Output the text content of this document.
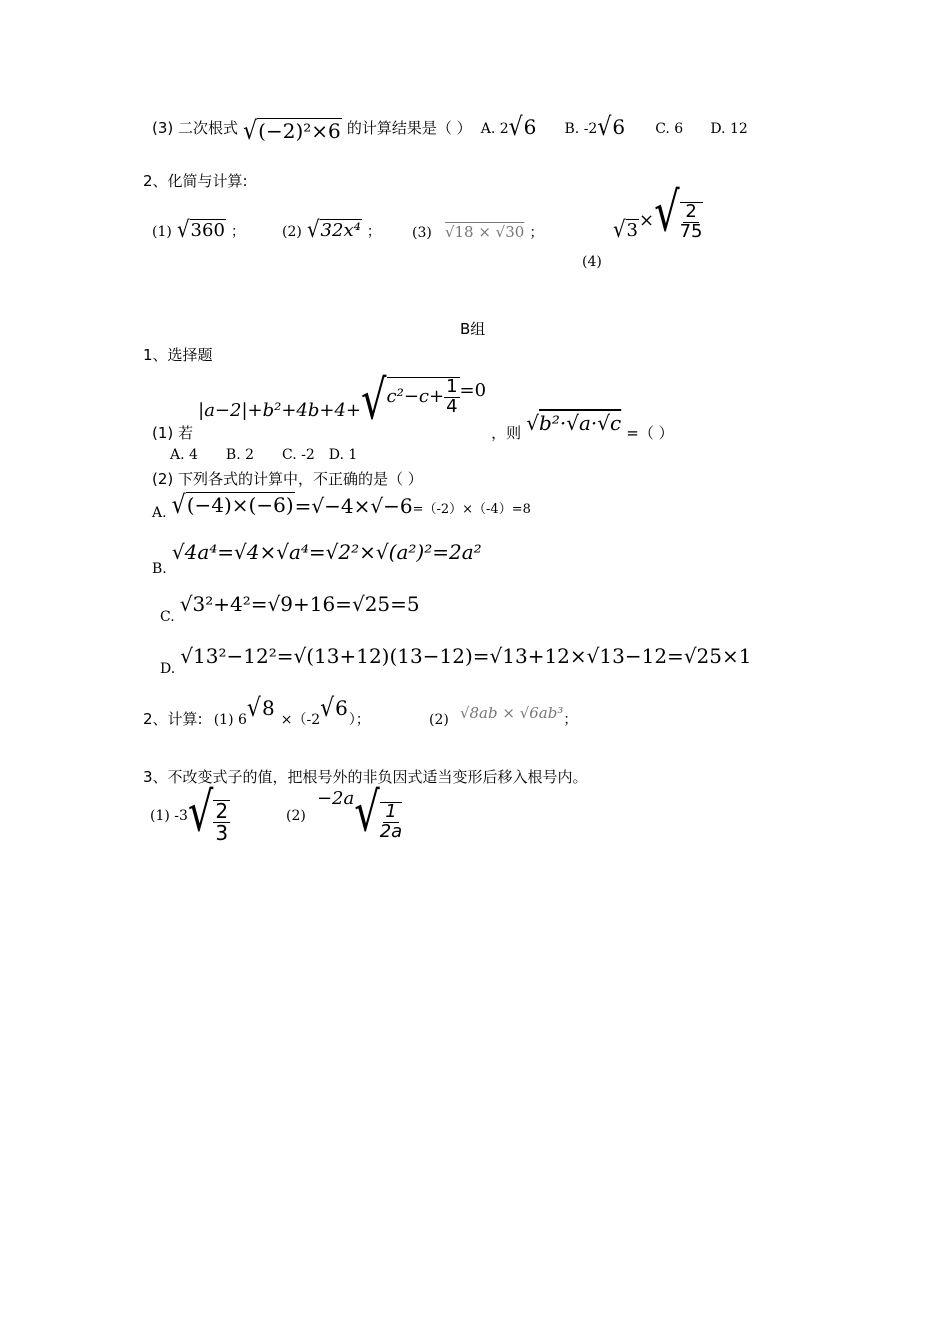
(3) 二次根式 √(−2)²×6 的计算结果是（ ） A. 2√6 B. -2√6 C. 6 D. 12
2、化简与计算:
(1) √360 ；	(2) √32x⁴ ； (3) √18 × √30 ；
(4) $√3\times√ \frac{2}{75}$
B组
1、选择题
(1) 若 $|a-2|+b^2+4b+4+√c^2-c+ \frac{1}{4} =0$ ，则 √b²·√a·√c =（ ）
A. 4　　B. 2　　C. -2　D. 1
(2) 下列各式的计算中，不正确的是（ ）
A. √(−4)×(−6)=√−4×√−6=（-2）×（-4）=8
B. √4a⁴=√4×√a⁴=√2²×√(a²)²=2a²
C. √3²+4²=√9+16=√25=5
D. √13²−12²=√(13+12)(13−12)=√13+12×√13−12=√25×1
2、计算: (1) 6√8 ×（-2√6）；	(2) √8ab × √6ab³；
3、不改变式子的值，把根号外的非负因式适当变形后移入根号内。
(1) $-3√ \frac{2}{3}$	$(2) -2a√ \frac{1}{2a}$
